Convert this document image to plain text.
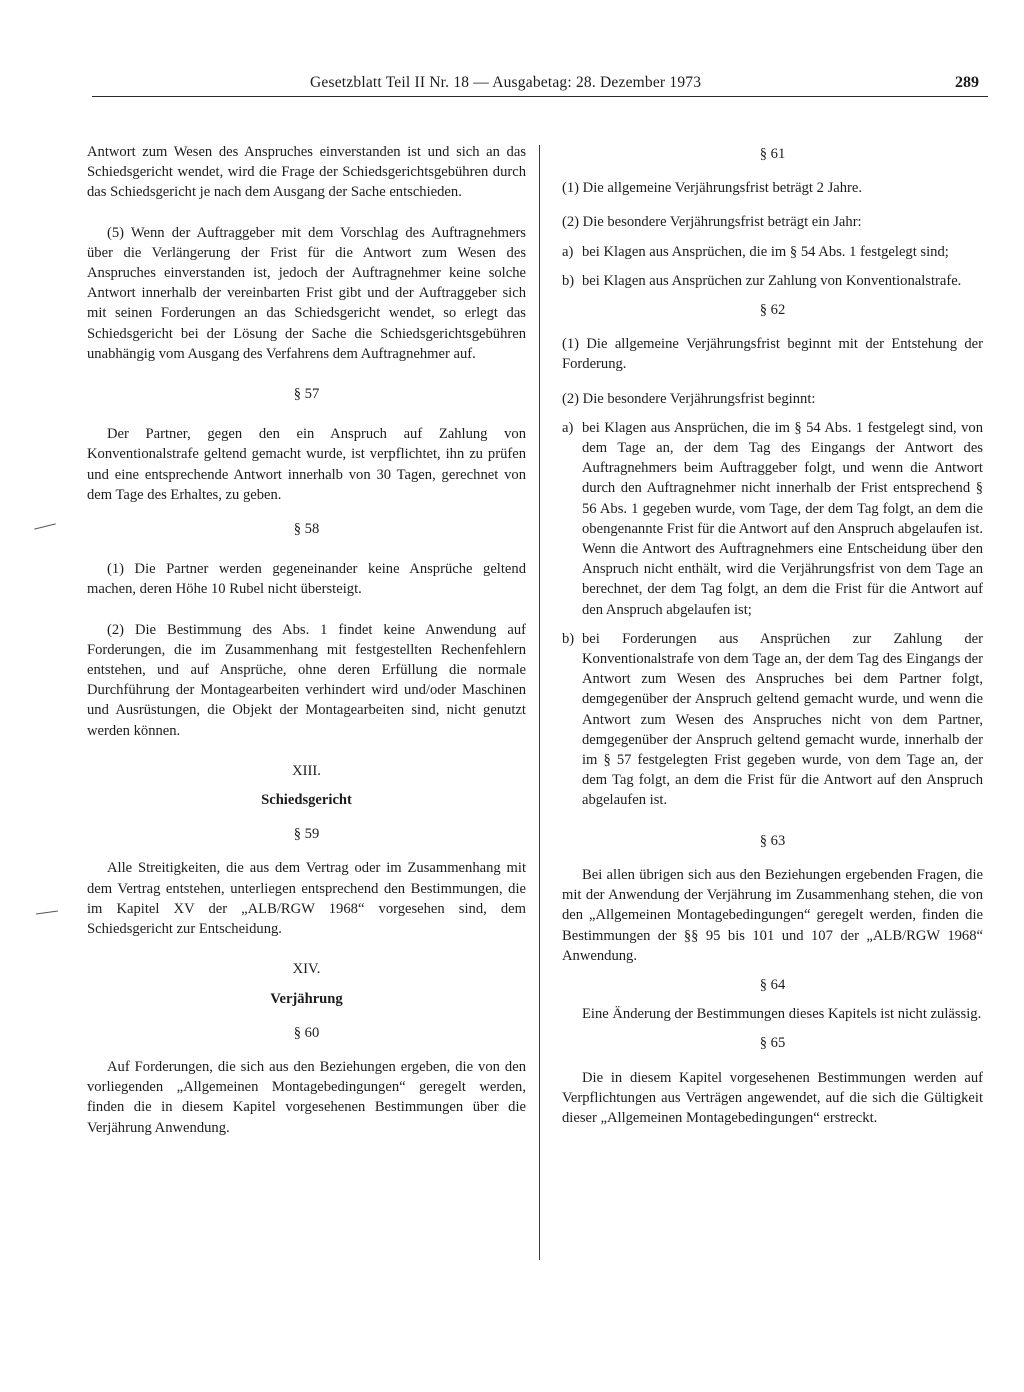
Gesetzblatt Teil II Nr. 18 — Ausgabetag: 28. Dezember 1973	289

Antwort zum Wesen des Anspruches einverstanden ist und sich an das Schiedsgericht wendet, wird die Frage der Schiedsgerichtsgebühren durch das Schiedsgericht je nach dem Ausgang der Sache entschieden.

(5) Wenn der Auftraggeber mit dem Vorschlag des Auftragnehmers über die Verlängerung der Frist für die Antwort zum Wesen des Anspruches einverstanden ist, jedoch der Auftragnehmer keine solche Antwort innerhalb der vereinbarten Frist gibt und der Auftraggeber sich mit seinen Forderungen an das Schiedsgericht wendet, so erlegt das Schiedsgericht bei der Lösung der Sache die Schiedsgerichtsgebühren unabhängig vom Ausgang des Verfahrens dem Auftragnehmer auf.

§ 57

Der Partner, gegen den ein Anspruch auf Zahlung von Konventionalstrafe geltend gemacht wurde, ist verpflichtet, ihn zu prüfen und eine entsprechende Antwort innerhalb von 30 Tagen, gerechnet von dem Tage des Erhaltes, zu geben.

§ 58

(1) Die Partner werden gegeneinander keine Ansprüche geltend machen, deren Höhe 10 Rubel nicht übersteigt.

(2) Die Bestimmung des Abs. 1 findet keine Anwendung auf Forderungen, die im Zusammenhang mit festgestellten Rechenfehlern entstehen, und auf Ansprüche, ohne deren Erfüllung die normale Durchführung der Montagearbeiten verhindert wird und/oder Maschinen und Ausrüstungen, die Objekt der Montagearbeiten sind, nicht genutzt werden können.

XIII.

Schiedsgericht

§ 59

Alle Streitigkeiten, die aus dem Vertrag oder im Zusammenhang mit dem Vertrag entstehen, unterliegen entsprechend den Bestimmungen, die im Kapitel XV der „ALB/RGW 1968“ vorgesehen sind, dem Schiedsgericht zur Entscheidung.

XIV.

Verjährung

§ 60

Auf Forderungen, die sich aus den Beziehungen ergeben, die von den vorliegenden „Allgemeinen Montagebedingungen“ geregelt werden, finden die in diesem Kapitel vorgesehenen Bestimmungen über die Verjährung Anwendung.

§ 61

(1) Die allgemeine Verjährungsfrist beträgt 2 Jahre.

(2) Die besondere Verjährungsfrist beträgt ein Jahr:

a) bei Klagen aus Ansprüchen, die im § 54 Abs. 1 festgelegt sind;
b) bei Klagen aus Ansprüchen zur Zahlung von Konventionalstrafe.

§ 62

(1) Die allgemeine Verjährungsfrist beginnt mit der Entstehung der Forderung.

(2) Die besondere Verjährungsfrist beginnt:

a) bei Klagen aus Ansprüchen, die im § 54 Abs. 1 festgelegt sind, von dem Tage an, der dem Tag des Eingangs der Antwort des Auftragnehmers beim Auftraggeber folgt, und wenn die Antwort durch den Auftragnehmer nicht innerhalb der Frist entsprechend § 56 Abs. 1 gegeben wurde, vom Tage, der dem Tag folgt, an dem die obengenannte Frist für die Antwort auf den Anspruch abgelaufen ist. Wenn die Antwort des Auftragnehmers eine Entscheidung über den Anspruch nicht enthält, wird die Verjährungsfrist von dem Tage an berechnet, der dem Tag folgt, an dem die Frist für die Antwort auf den Anspruch abgelaufen ist;
b) bei Forderungen aus Ansprüchen zur Zahlung der Konventionalstrafe von dem Tage an, der dem Tag des Eingangs der Antwort zum Wesen des Anspruches bei dem Partner folgt, demgegenüber der Anspruch geltend gemacht wurde, und wenn die Antwort zum Wesen des Anspruches nicht von dem Partner, demgegenüber der Anspruch geltend gemacht wurde, innerhalb der im § 57 festgelegten Frist gegeben wurde, von dem Tage an, der dem Tag folgt, an dem die Frist für die Antwort auf den Anspruch abgelaufen ist.

§ 63

Bei allen übrigen sich aus den Beziehungen ergebenden Fragen, die mit der Anwendung der Verjährung im Zusammenhang stehen, die von den „Allgemeinen Montagebedingungen“ geregelt werden, finden die Bestimmungen der §§ 95 bis 101 und 107 der „ALB/RGW 1968“ Anwendung.

§ 64

Eine Änderung der Bestimmungen dieses Kapitels ist nicht zulässig.

§ 65

Die in diesem Kapitel vorgesehenen Bestimmungen werden auf Verpflichtungen aus Verträgen angewendet, auf die sich die Gültigkeit dieser „Allgemeinen Montagebedingungen“ erstreckt.
